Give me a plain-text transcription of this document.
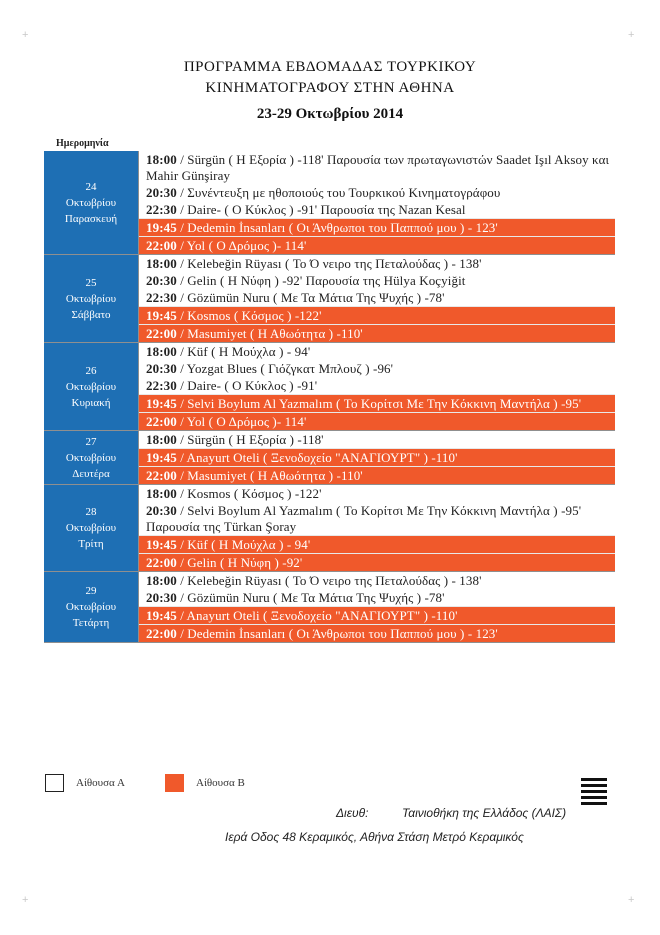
+	+
+	+
ΠΡΟΓΡΑΜΜΑ ΕΒΔΟΜΑΔΑΣ ΤΟΥΡΚΙΚΟΥ
ΚΙΝΗΜΑΤΟΓΡΑΦΟΥ ΣΤΗΝ ΑΘΗΝΑ
23-29 Οκτωβρίου 2014
Ημερομηνία
24
Οκτωβρίου
Παρασκευή
18:00 / Sürgün ( Η Εξορία ) -118' Παρουσία των πρωταγωνιστών Saadet Işıl Aksoy και Mahir Günşiray
20:30 / Συνέντευξη με ηθοποιούς του Τουρκικού Κινηματογράφου
22:30 / Daire- ( Ο Κύκλος ) -91' Παρουσία της Nazan Kesal
19:45 / Dedemin İnsanları ( Οι Άνθρωποι του Παππού μου ) - 123'
22:00 / Yol ( Ο Δρόμος )- 114'
25
Οκτωβρίου
Σάββατο
18:00 / Kelebeğin Rüyası ( Το Ό νειρο της Πεταλούδας ) - 138'
20:30 / Gelin ( Η Νύφη ) -92' Παρουσία της Hülya Koçyiğit
22:30 / Gözümün Nuru ( Με Τα Μάτια Της Ψυχής ) -78'
19:45 / Kosmos ( Κόσμος ) -122'
22:00 / Masumiyet ( Η Αθωότητα ) -110'
26
Οκτωβρίου
Κυριακή
18:00 / Küf ( Η Μούχλα ) - 94'
20:30 / Yozgat Blues ( Γιόζγκατ Μπλουζ ) -96'
22:30 / Daire- ( Ο Κύκλος ) -91'
19:45 / Selvi Boylum Al Yazmalım ( Το Κορίτσι Με Την Κόκκινη Μαντήλα ) -95'
22:00 / Yol ( Ο Δρόμος )- 114'
27
Οκτωβρίου
Δευτέρα
18:00 / Sürgün ( Η Εξορία ) -118'
19:45 / Anayurt Oteli ( Ξενοδοχείο "ΑΝΑΓΙΟΥΡΤ" ) -110'
22:00 / Masumiyet ( Η Αθωότητα ) -110'
28
Οκτωβρίου
Τρίτη
18:00 / Kosmos ( Κόσμος ) -122'
20:30 / Selvi Boylum Al Yazmalım ( Το Κορίτσι Με Την Κόκκινη Μαντήλα ) -95' Παρουσία της Türkan Şoray
19:45 / Küf ( Η Μούχλα ) - 94'
22:00 / Gelin ( Η Νύφη ) -92'
29
Οκτωβρίου
Τετάρτη
18:00 / Kelebeğin Rüyası ( Το Ό νειρο της Πεταλούδας ) - 138'
20:30 / Gözümün Nuru ( Με Τα Μάτια Της Ψυχής ) -78'
19:45 / Anayurt Oteli ( Ξενοδοχείο "ΑΝΑΓΙΟΥΡΤ" ) -110'
22:00 / Dedemin İnsanları ( Οι Άνθρωποι του Παππού μου ) - 123'
Αίθουσα Α	Αίθουσα Β
Διευθ:	Ταινιοθήκη της Ελλάδος (ΛΑΙΣ)
Ιερά Οδος 48 Κεραμικός, Αθήνα Στάση Μετρό Κεραμικός
